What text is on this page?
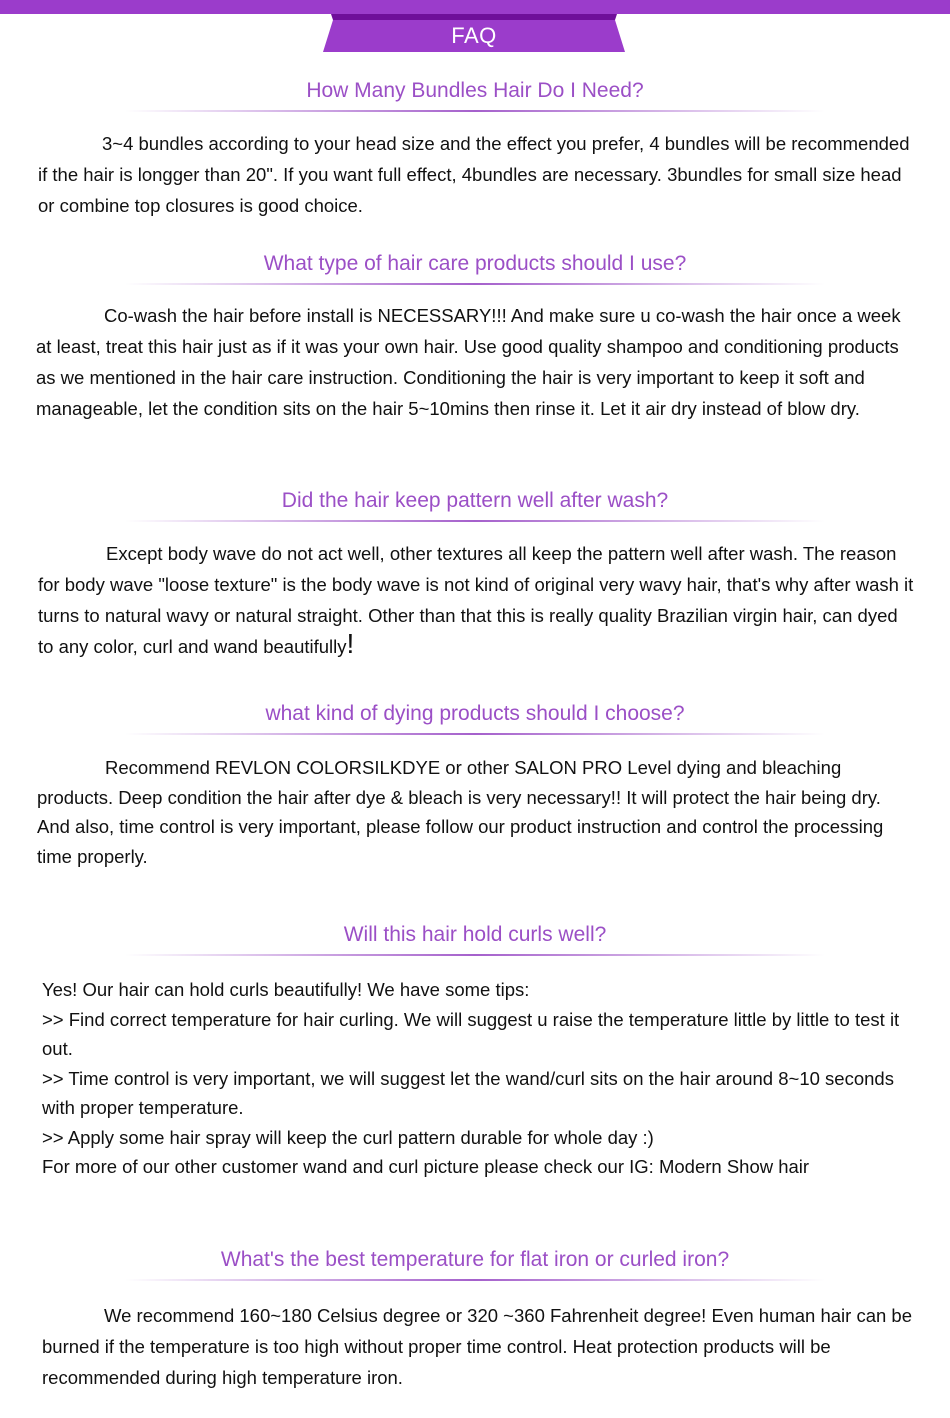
FAQ
How Many Bundles Hair Do I Need?

3~4 bundles according to your head size and the effect you prefer, 4 bundles will be recommended if the hair is longger than 20". If you want full effect, 4bundles are necessary. 3bundles for small size head or combine top closures is good choice.

What type of hair care products should I use?

Co-wash the hair before install is NECESSARY!!! And make sure u co-wash the hair once a week at least, treat this hair just as if it was your own hair. Use good quality shampoo and conditioning products as we mentioned in the hair care instruction. Conditioning the hair is very important to keep it soft and manageable, let the condition sits on the hair 5~10mins then rinse it. Let it air dry instead of blow dry.

Did the hair keep pattern well after wash?

Except body wave do not act well, other textures all keep the pattern well after wash. The reason for body wave "loose texture" is the body wave is not kind of original very wavy hair, that's why after wash it turns to natural wavy or natural straight. Other than that this is really quality Brazilian virgin hair, can dyed to any color, curl and wand beautifully!

what kind of dying products should I choose?

Recommend REVLON COLORSILKDYE or other SALON PRO Level dying and bleaching products. Deep condition the hair after dye & bleach is very necessary!! It will protect the hair being dry. And also, time control is very important, please follow our product instruction and control the processing time properly.

Will this hair hold curls well?

Yes! Our hair can hold curls beautifully! We have some tips:

>> Find correct temperature for hair curling. We will suggest u raise the temperature little by little to test it out.

>> Time control is very important, we will suggest let the wand/curl sits on the hair around 8~10 seconds with proper temperature.

>> Apply some hair spray will keep the curl pattern durable for whole day :)

For more of our other customer wand and curl picture please check our IG: Modern Show hair

What's the best temperature for flat iron or curled iron?

We recommend 160~180 Celsius degree or 320 ~360 Fahrenheit degree! Even human hair can be burned if the temperature is too high without proper time control. Heat protection products will be recommended during high temperature iron.
